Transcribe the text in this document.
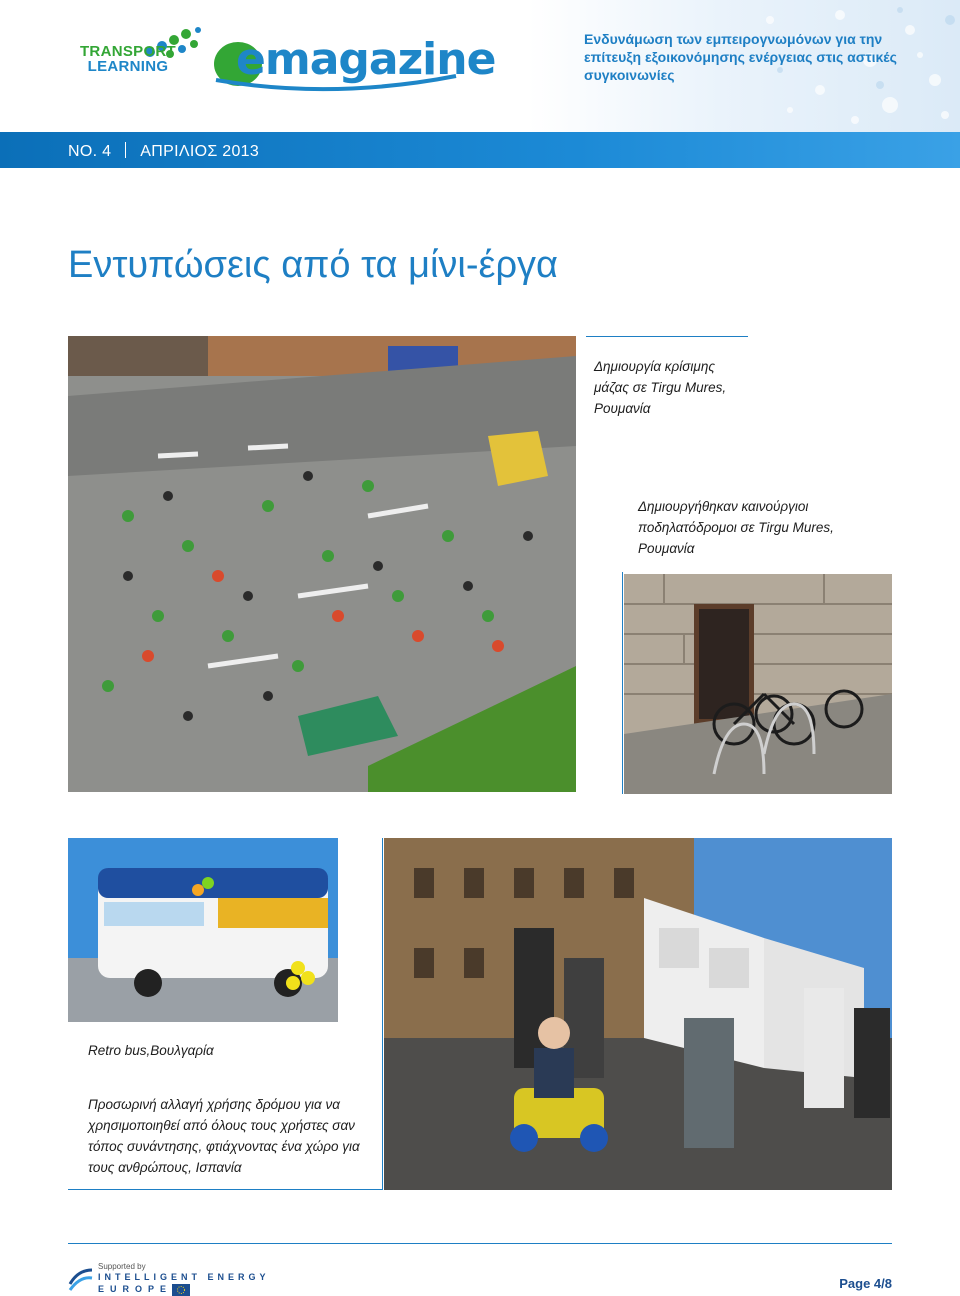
TRANSPORT
LEARNING	emagazine	Ενδυνάμωση των εμπειρογνωμόνων για την επίτευξη εξοικονόμησης ενέργειας στις αστικές συγκοινωνίες
NO. 4 ΑΠΡΙΛΙΟΣ 2013
Εντυπώσεις από τα μίνι-έργα
Δημιουργία κρίσιμης μάζας σε Tirgu Mures, Ρουμανία
Δημιουργήθηκαν καινούργιοι ποδηλατόδρομοι σε Tirgu Mures, Ρουμανία
Retro bus,Βουλγαρία
Προσωρινή αλλαγή χρήσης δρόμου για να χρησιμοποιηθεί από όλους τους χρήστες σαν τόπος συνάντησης, φτιάχνοντας ένα χώρο για τους ανθρώπους, Ισπανία
Supported by
INTELLIGENT ENERGY
EUROPE	Page 4/8
